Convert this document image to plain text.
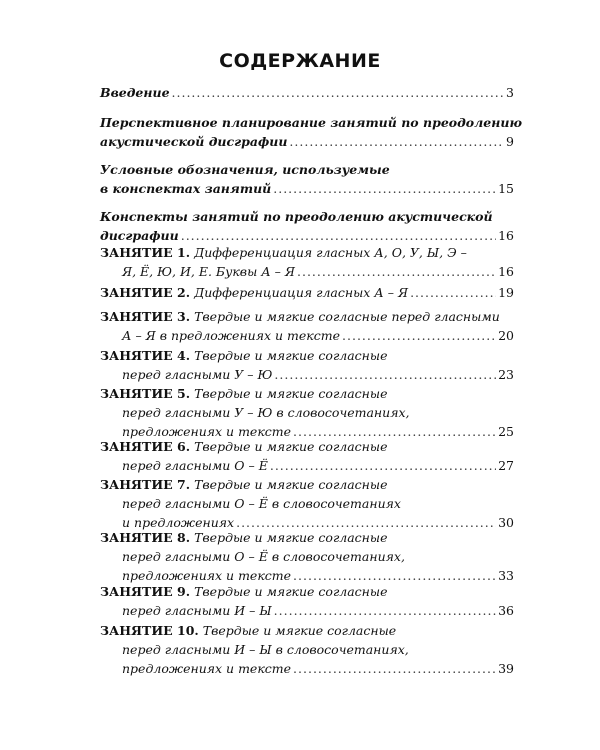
СОДЕРЖАНИЕ
Введение .....	3
Перспективное планирование занятий по преодолению
акустической дисграфии .....	9
Условные обозначения, используемые
в конспектах занятий .....	15
Конспекты занятий по преодолению акустической
дисграфии .....	16
ЗАНЯТИЕ 1. Дифференциация гласных А, О, У, Ы, Э –
Я, Ё, Ю, И, Е. Буквы А – Я .....	16
ЗАНЯТИЕ 2. Дифференциация гласных А – Я .....	19
ЗАНЯТИЕ 3. Твердые и мягкие согласные перед гласными
А – Я в предложениях и тексте .....	20
ЗАНЯТИЕ 4. Твердые и мягкие согласные
перед гласными У – Ю .....	23
ЗАНЯТИЕ 5. Твердые и мягкие согласные
перед гласными У – Ю в словосочетаниях,
предложениях и тексте .....	25
ЗАНЯТИЕ 6. Твердые и мягкие согласные
перед гласными О – Ё .....	27
ЗАНЯТИЕ 7. Твердые и мягкие согласные
перед гласными О – Ё в словосочетаниях
и предложениях .....	30
ЗАНЯТИЕ 8. Твердые и мягкие согласные
перед гласными О – Ё в словосочетаниях,
предложениях и тексте .....	33
ЗАНЯТИЕ 9. Твердые и мягкие согласные
перед гласными И – Ы .....	36
ЗАНЯТИЕ 10. Твердые и мягкие согласные
перед гласными И – Ы в словосочетаниях,
предложениях и тексте .....	39
